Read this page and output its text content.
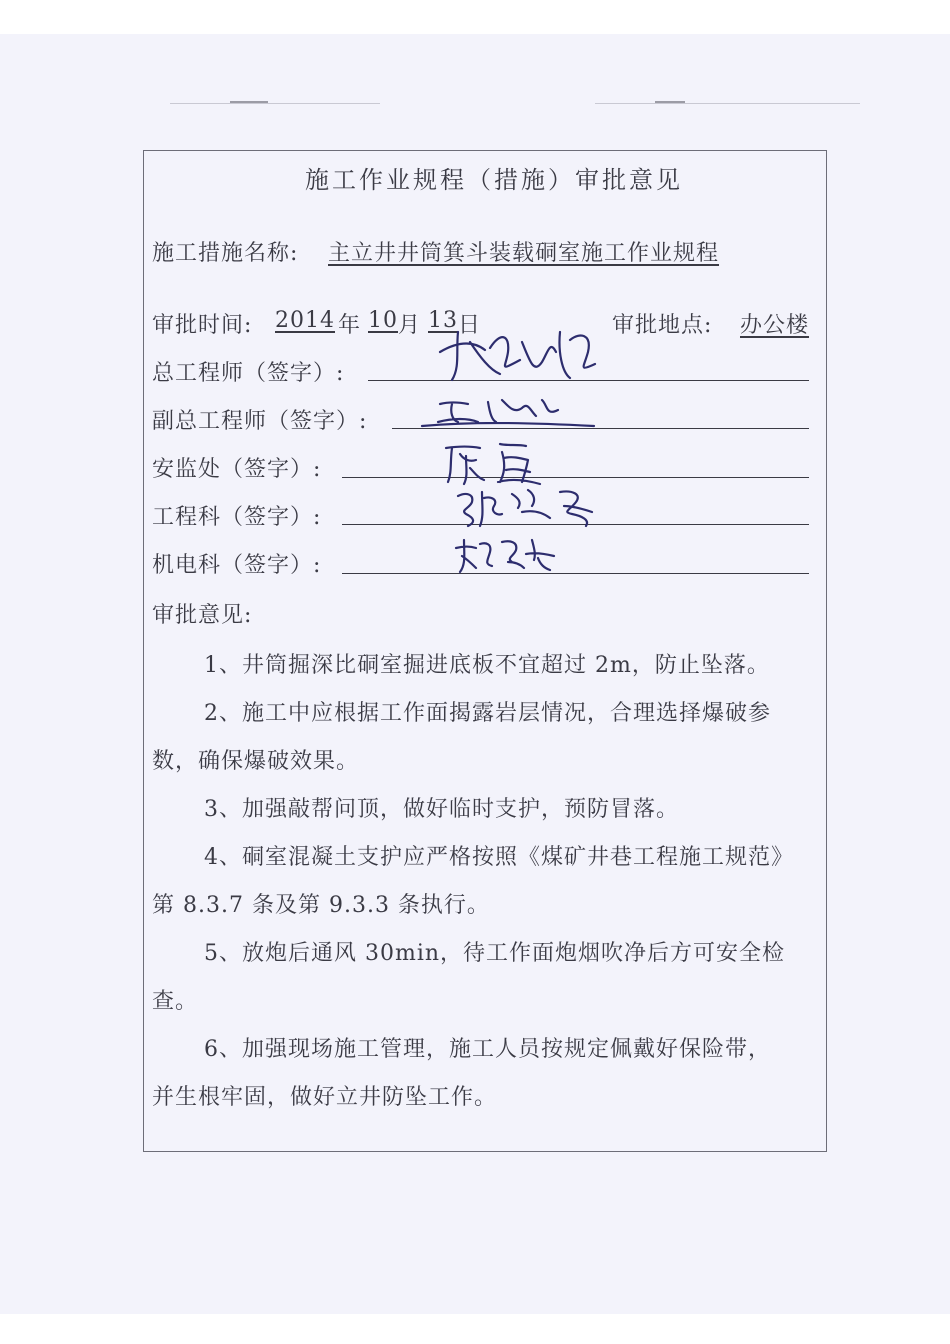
施工作业规程（措施）审批意见
施工措施名称: 主立井井筒箕斗装载硐室施工作业规程
审批时间: 2014 年 10 月 13 日	审批地点: 办公楼
总工程师（签字）:
副总工程师（签字）:
安监处（签字）:
工程科（签字）:
机电科（签字）:
审批意见:
1、井筒掘深比硐室掘进底板不宜超过 2m，防止坠落。
2、施工中应根据工作面揭露岩层情况，合理选择爆破参
数，确保爆破效果。
3、加强敲帮问顶，做好临时支护，预防冒落。
4、硐室混凝土支护应严格按照《煤矿井巷工程施工规范》
第 8.3.7 条及第 9.3.3 条执行。
5、放炮后通风 30min，待工作面炮烟吹净后方可安全检
查。
6、加强现场施工管理，施工人员按规定佩戴好保险带，
并生根牢固，做好立井防坠工作。
